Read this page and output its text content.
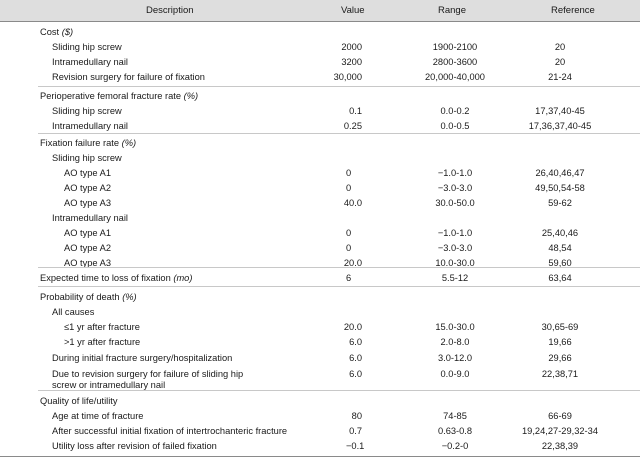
Description	Value	Range	Reference
Cost ($)
Sliding hip screw	2000	1900-2100	20
Intramedullary nail	3200	2800-3600	20
Revision surgery for failure of fixation	30,000	20,000-40,000	21-24
Perioperative femoral fracture rate (%)
Sliding hip screw	0.1	0.0-0.2	17,37,40-45
Intramedullary nail	0.25	0.0-0.5	17,36,37,40-45
Fixation failure rate (%)
Sliding hip screw
AO type A1	0	−1.0-1.0	26,40,46,47
AO type A2	0	−3.0-3.0	49,50,54-58
AO type A3	40.0	30.0-50.0	59-62
Intramedullary nail
AO type A1	0	−1.0-1.0	25,40,46
AO type A2	0	−3.0-3.0	48,54
AO type A3	20.0	10.0-30.0	59,60
Expected time to loss of fixation (mo)	6	5.5-12	63,64
Probability of death (%)
All causes
≤1 yr after fracture	20.0	15.0-30.0	30,65-69
>1 yr after fracture	6.0	2.0-8.0	19,66
During initial fracture surgery/hospitalization	6.0	3.0-12.0	29,66
Due to revision surgery for failure of sliding hip
screw or intramedullary nail
6.0	0.0-9.0	22,38,71
Quality of life/utility
Age at time of fracture	80	74-85	66-69
After successful initial fixation of intertrochanteric fracture	0.7	0.63-0.8	19,24,27-29,32-34
Utility loss after revision of failed fixation	−0.1	−0.2-0	22,38,39
